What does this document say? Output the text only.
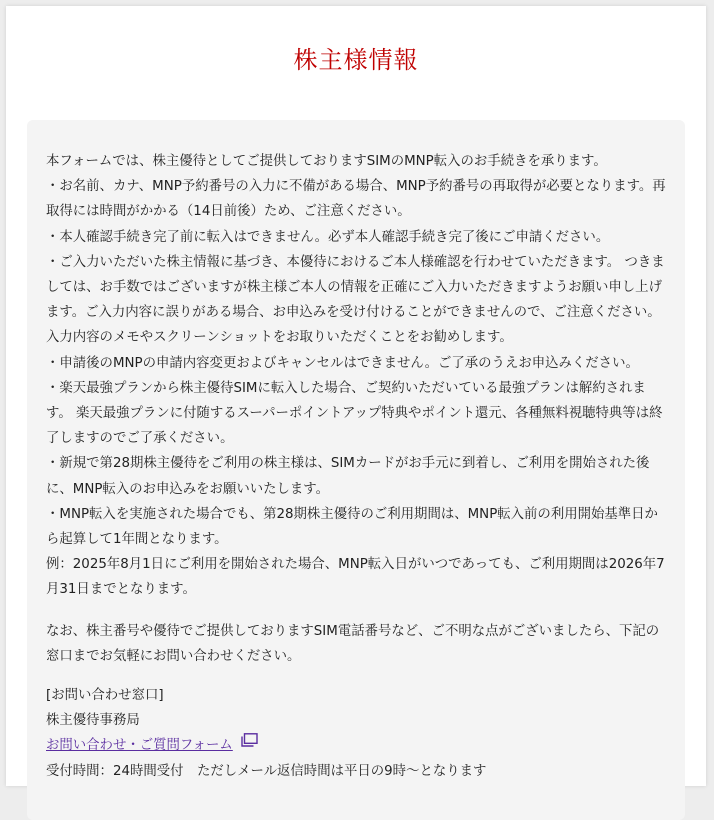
株主様情報

本フォームでは、株主優待としてご提供しておりますSIMのMNP転入のお手続きを承ります。

・お名前、カナ、MNP予約番号の入力に不備がある場合、MNP予約番号の再取得が必要となります。再取得には時間がかかる（14日前後）ため、ご注意ください。

・本人確認手続き完了前に転入はできません。必ず本人確認手続き完了後にご申請ください。

・ご入力いただいた株主情報に基づき、本優待におけるご本人様確認を行わせていただきます。 つきましては、お手数ではございますが株主様ご本人の情報を正確にご入力いただきますようお願い申し上げます。ご入力内容に誤りがある場合、お申込みを受け付けることができませんので、ご注意ください。 入力内容のメモやスクリーンショットをお取りいただくことをお勧めします。

・申請後のMNPの申請内容変更およびキャンセルはできません。ご了承のうえお申込みください。

・楽天最強プランから株主優待SIMに転入した場合、ご契約いただいている最強プランは解約されます。 楽天最強プランに付随するスーパーポイントアップ特典やポイント還元、各種無料視聴特典等は終了しますのでご了承ください。

・新規で第28期株主優待をご利用の株主様は、SIMカードがお手元に到着し、ご利用を開始された後に、MNP転入のお申込みをお願いいたします。

・MNP転入を実施された場合でも、第28期株主優待のご利用期間は、MNP転入前の利用開始基準日から起算して1年間となります。

例：2025年8月1日にご利用を開始された場合、MNP転入日がいつであっても、ご利用期間は2026年7月31日までとなります。

なお、株主番号や優待でご提供しておりますSIM電話番号など、ご不明な点がございましたら、下記の窓口までお気軽にお問い合わせください。

[お問い合わせ窓口]

株主優待事務局

お問い合わせ・ご質問フォーム

受付時間：24時間受付　ただしメール返信時間は平日の9時～となります
